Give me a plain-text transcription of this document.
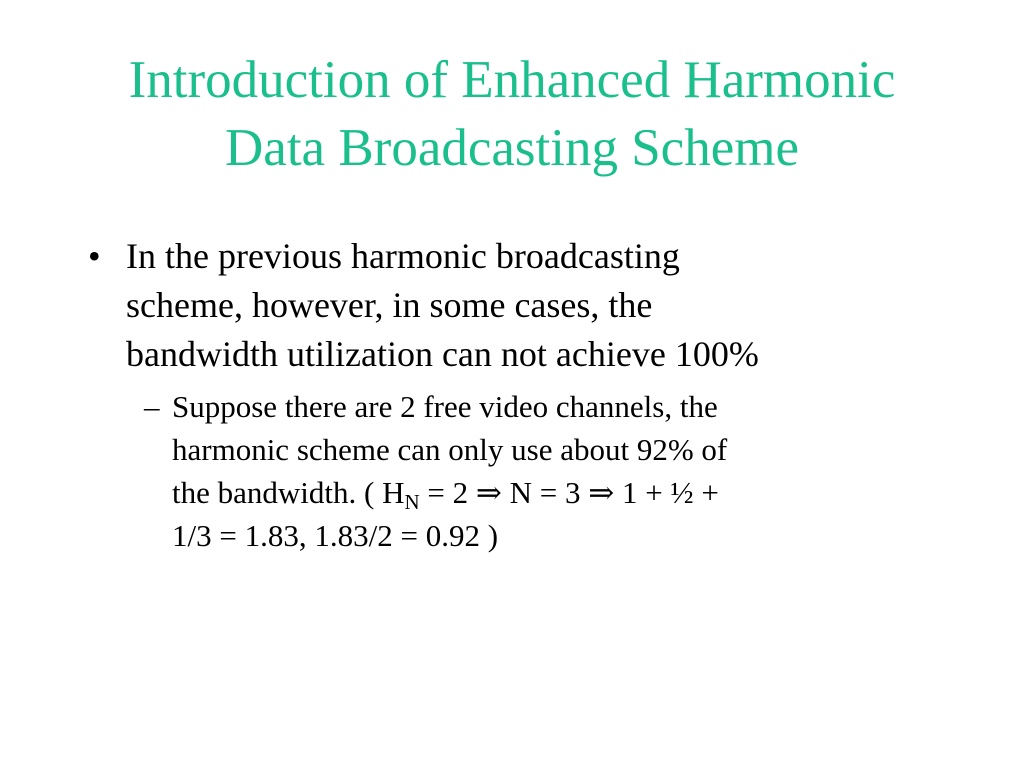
Introduction of Enhanced Harmonic
Data Broadcasting Scheme
• In the previous harmonic broadcasting
scheme, however, in some cases, the
bandwidth utilization can not achieve 100%
– Suppose there are 2 free video channels, the
harmonic scheme can only use about 92% of
the bandwidth. ( $H_N = 2$ ⇒ N = 3 ⇒ 1 + ½ +
1/3 = 1.83, 1.83/2 = 0.92 )
